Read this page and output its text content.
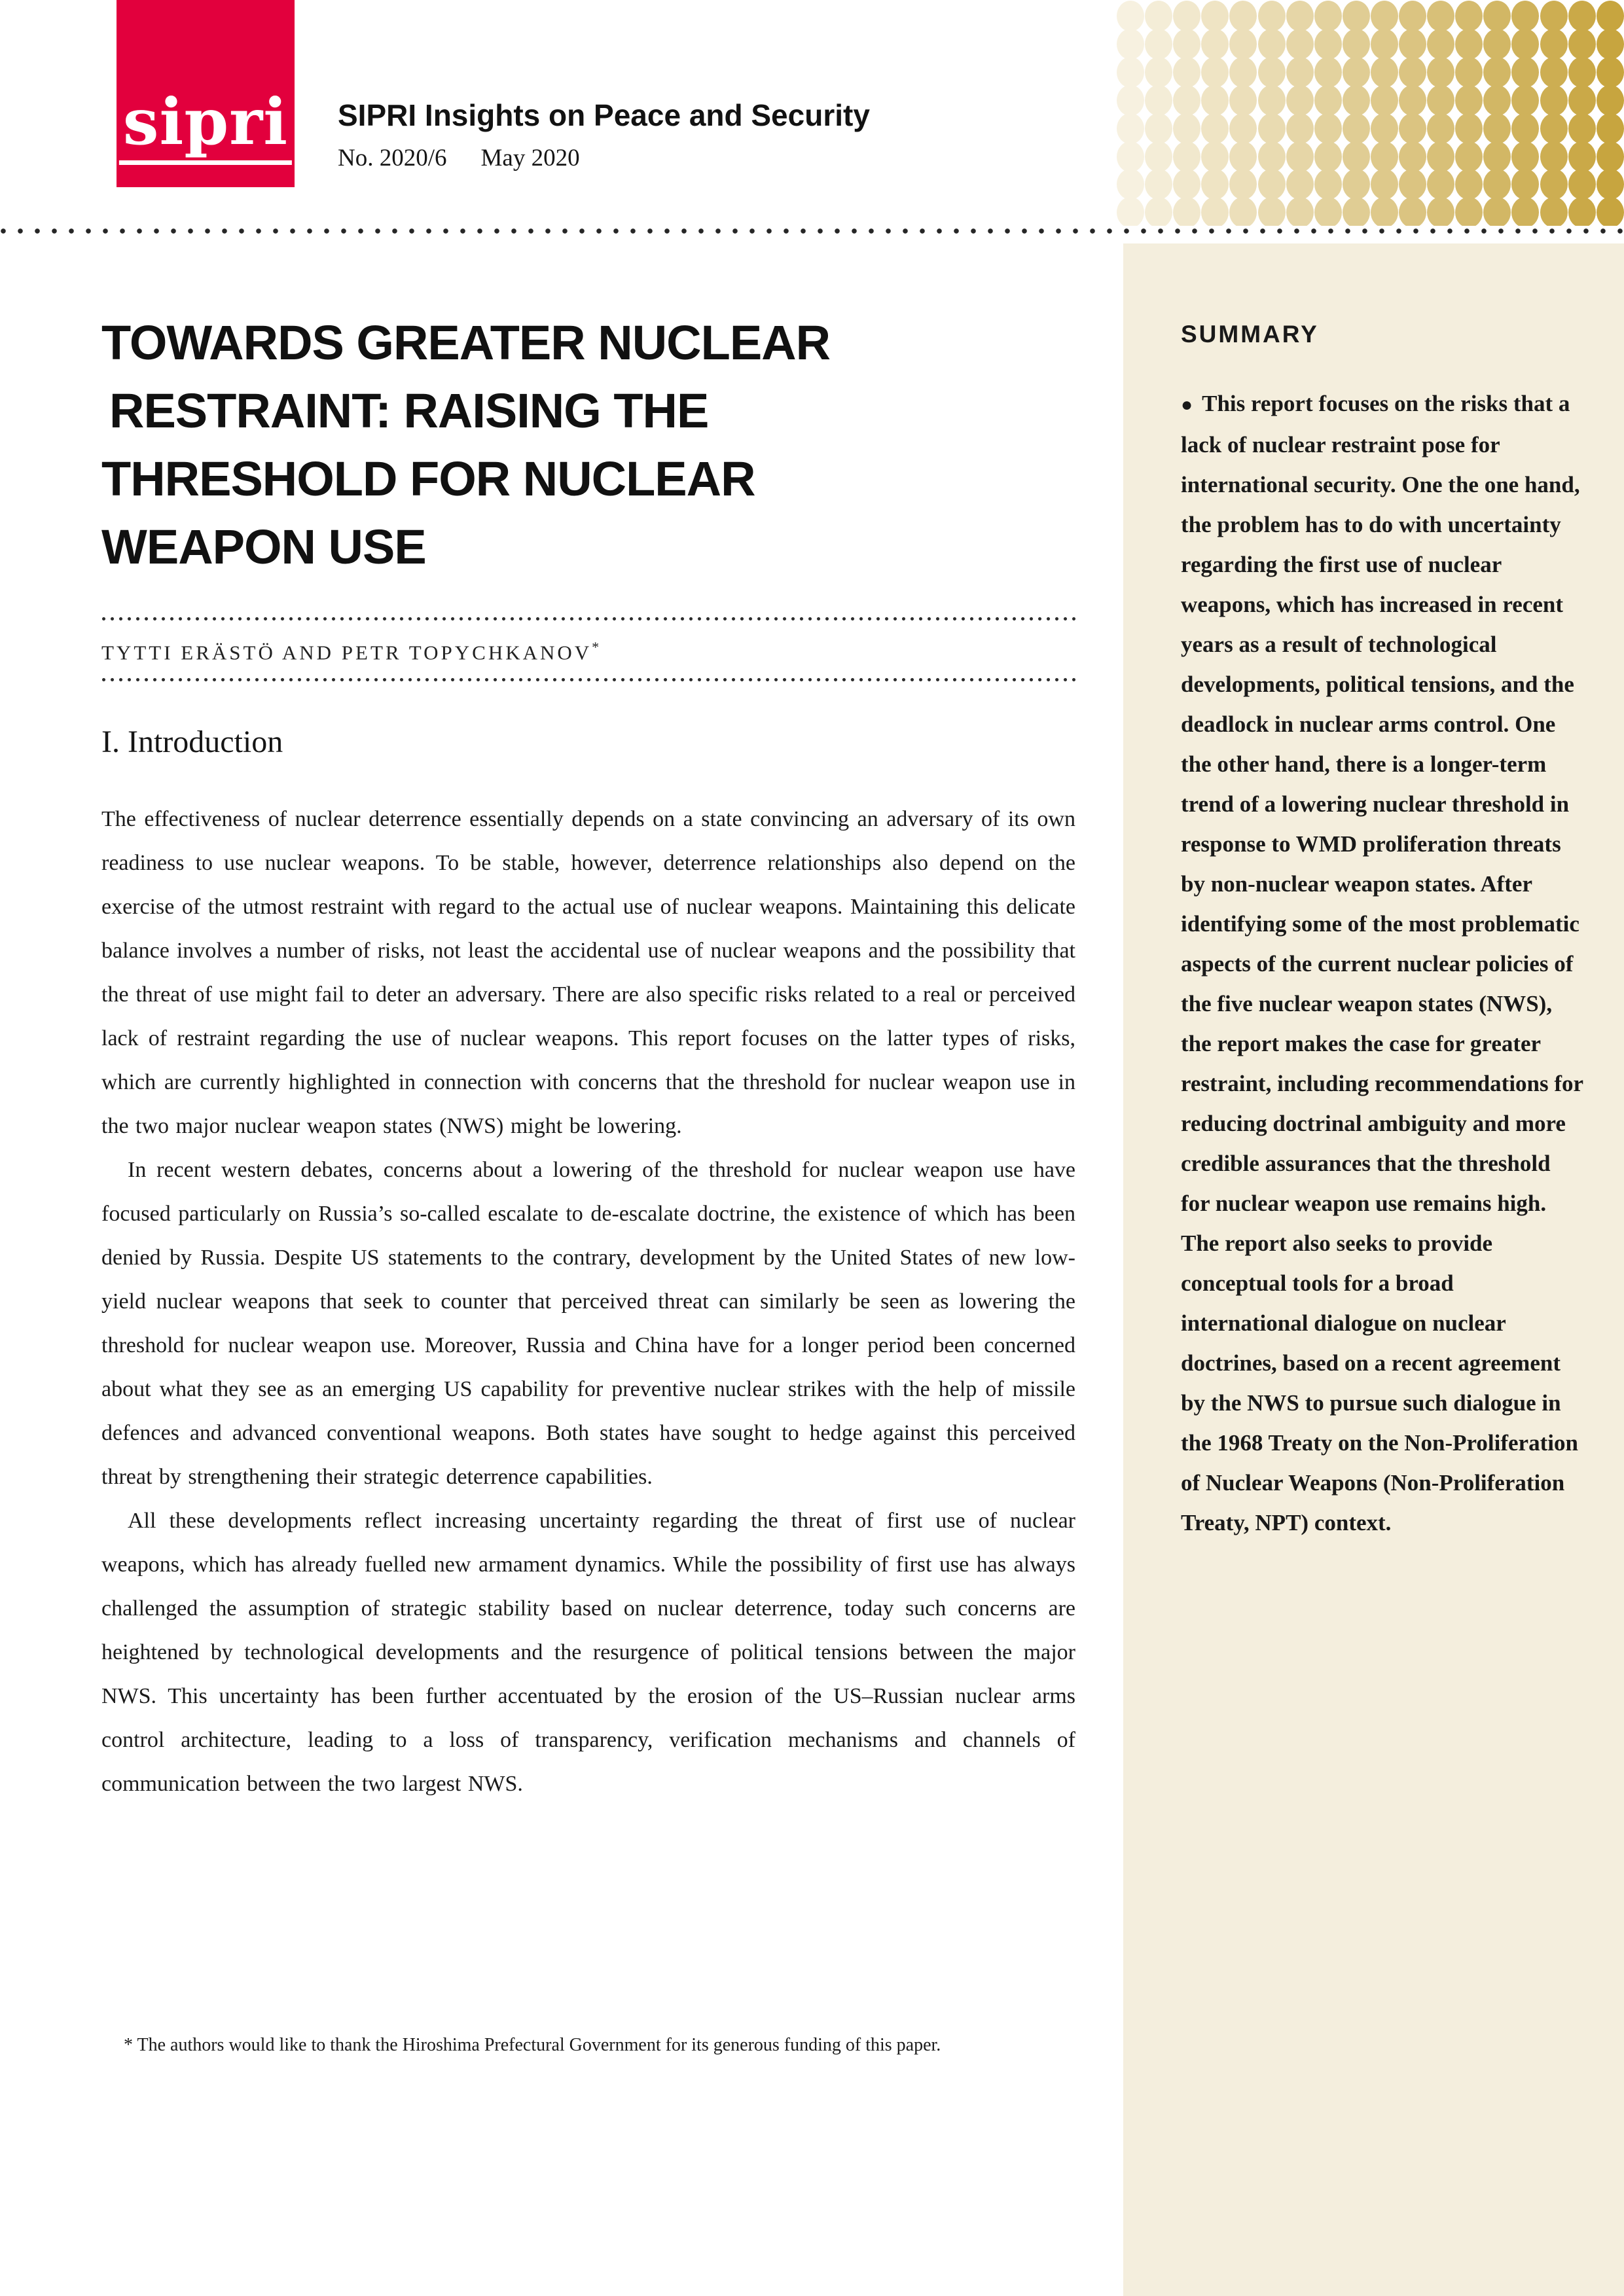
sipri SIPRI Insights on Peace and Security
No. 2020/6 May 2020
SUMMARY

● This report focuses on the risks that a lack of nuclear restraint pose for international security. One the one hand, the problem has to do with uncertainty regarding the first use of nuclear weapons, which has increased in recent years as a result of technological developments, political tensions, and the deadlock in nuclear arms control. One the other hand, there is a longer-term trend of a lowering nuclear threshold in response to WMD proliferation threats by non-nuclear weapon states. After identifying some of the most problematic aspects of the current nuclear policies of the five nuclear weapon states (NWS), the report makes the case for greater restraint, including recommendations for reducing doctrinal ambiguity and more credible assurances that the threshold for nuclear weapon use remains high. The report also seeks to provide conceptual tools for a broad international dialogue on nuclear doctrines, based on a recent agreement by the NWS to pursue such dialogue in the 1968 Treaty on the Non-Proliferation of Nuclear Weapons (Non-Proliferation Treaty, NPT) context.

TOWARDS GREATER NUCLEAR
RESTRAINT: RAISING THE
THRESHOLD FOR NUCLEAR
WEAPON USE
TYTTI ERÄSTÖ AND PETR TOPYCHKANOV*
I. Introduction

The effectiveness of nuclear deterrence essentially depends on a state convincing an adversary of its own readiness to use nuclear weapons. To be stable, however, deterrence relationships also depend on the exercise of the utmost restraint with regard to the actual use of nuclear weapons. Maintaining this delicate balance involves a number of risks, not least the accidental use of nuclear weapons and the possibility that the threat of use might fail to deter an adversary. There are also specific risks related to a real or perceived lack of restraint regarding the use of nuclear weapons. This report focuses on the latter types of risks, which are currently highlighted in connection with concerns that the threshold for nuclear weapon use in the two major nuclear weapon states (NWS) might be lowering.

In recent western debates, concerns about a lowering of the threshold for nuclear weapon use have focused particularly on Russia’s so-called escalate to de-escalate doctrine, the existence of which has been denied by Russia. Despite US statements to the contrary, development by the United States of new low-yield nuclear weapons that seek to counter that perceived threat can similarly be seen as lowering the threshold for nuclear weapon use. Moreover, Russia and China have for a longer period been concerned about what they see as an emerging US capability for preventive nuclear strikes with the help of missile defences and advanced conventional weapons. Both states have sought to hedge against this perceived threat by strengthening their strategic deterrence capabilities.

All these developments reflect increasing uncertainty regarding the threat of first use of nuclear weapons, which has already fuelled new armament dynamics. While the possibility of first use has always challenged the assumption of strategic stability based on nuclear deterrence, today such concerns are heightened by technological developments and the resurgence of political tensions between the major NWS. This uncertainty has been further accentuated by the erosion of the US–Russian nuclear arms control architecture, leading to a loss of transparency, verification mechanisms and channels of communication between the two largest NWS.

* The authors would like to thank the Hiroshima Prefectural Government for its generous funding of this paper.
